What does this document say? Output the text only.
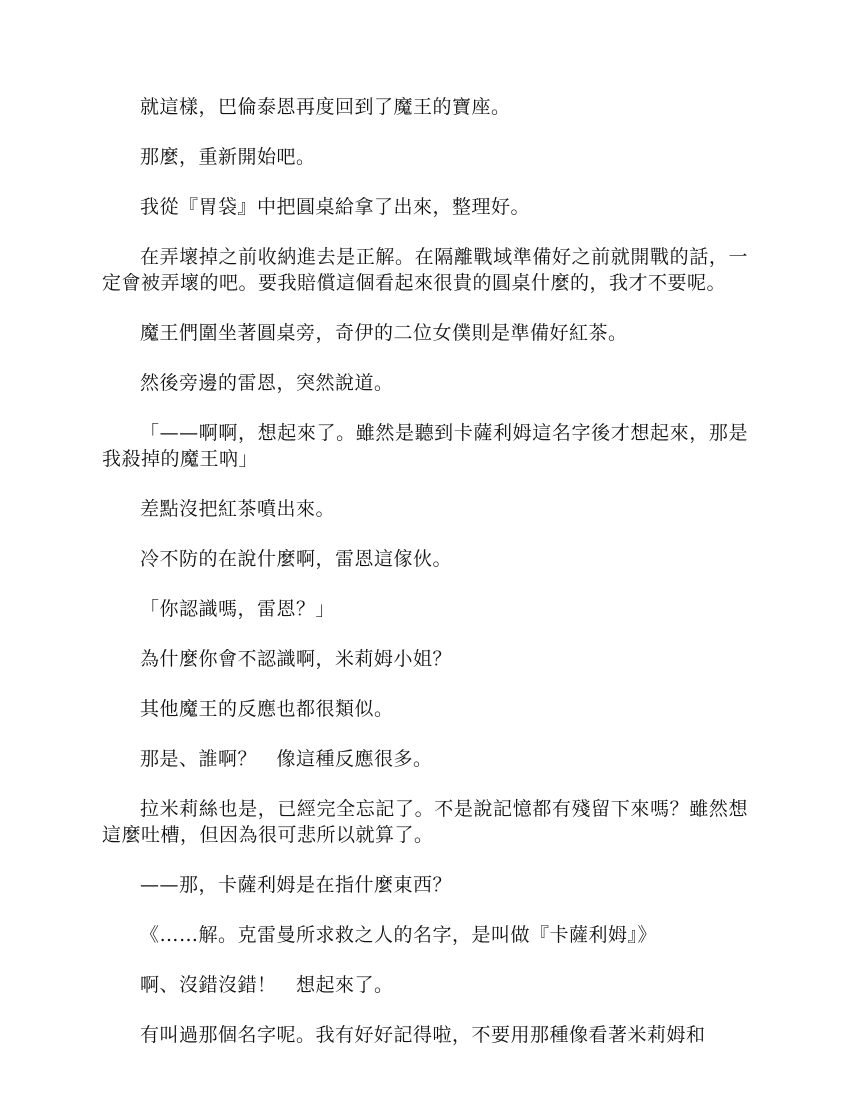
就這樣，巴倫泰恩再度回到了魔王的寶座。

那麼，重新開始吧。

我從『胃袋』中把圓桌給拿了出來，整理好。

在弄壞掉之前收納進去是正解。在隔離戰域準備好之前就開戰的話，一定會被弄壞的吧。要我賠償這個看起來很貴的圓桌什麼的，我才不要呢。

魔王們圍坐著圓桌旁，奇伊的二位女僕則是準備好紅茶。

然後旁邊的雷恩，突然說道。

「——啊啊，想起來了。雖然是聽到卡薩利姆這名字後才想起來，那是我殺掉的魔王吶」

差點沒把紅茶噴出來。

冷不防的在說什麼啊，雷恩這傢伙。

「你認識嗎，雷恩？」

為什麼你會不認識啊，米莉姆小姐？

其他魔王的反應也都很類似。

那是、誰啊？　像這種反應很多。

拉米莉絲也是，已經完全忘記了。不是說記憶都有殘留下來嗎？雖然想這麼吐槽，但因為很可悲所以就算了。

——那，卡薩利姆是在指什麼東西？

《……解。克雷曼所求救之人的名字，是叫做『卡薩利姆』》

啊、沒錯沒錯！　想起來了。

有叫過那個名字呢。我有好好記得啦，不要用那種像看著米莉姆和
